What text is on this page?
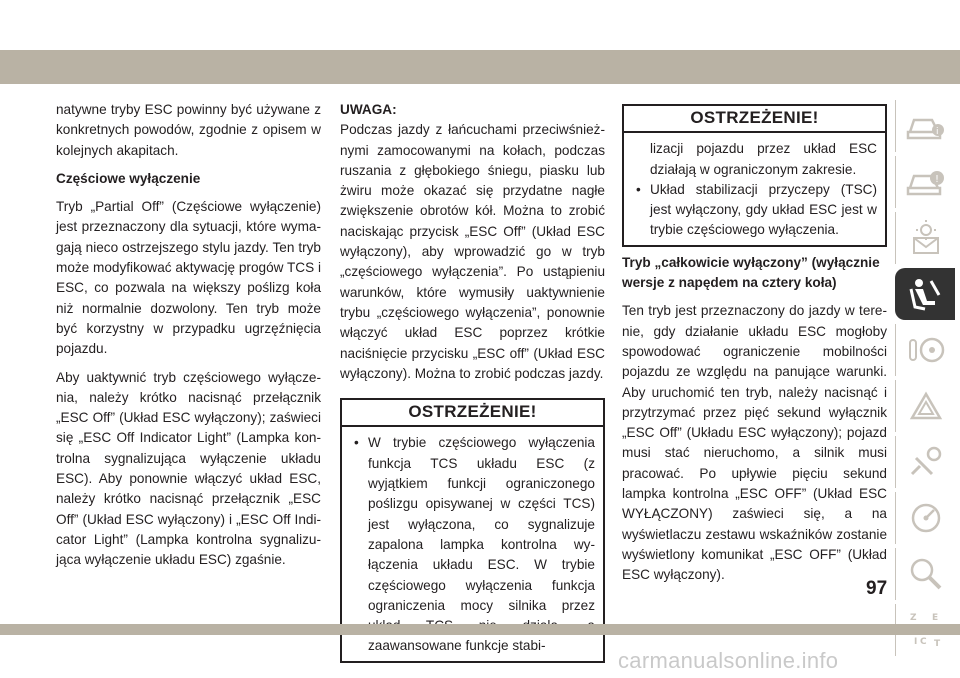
natywne tryby ESC powinny być używane z konkretnych powodów, zgodnie z opisem w kolejnych akapitach.

Częściowe wyłączenie

Tryb „Partial Off” (Częściowe wyłączenie) jest przeznaczony dla sytuacji, które wymagają nieco ostrzejszego stylu jazdy. Ten tryb może modyfikować aktywację progów TCS i ESC, co pozwala na większy poślizg koła niż normalnie dozwolony. Ten tryb może być korzystny w przypadku ugrzęźnięcia pojazdu.

Aby uaktywnić tryb częściowego wyłączenia, należy krótko nacisnąć przełącznik „ESC Off” (Układ ESC wyłączony); zaświeci się „ESC Off Indicator Light” (Lampka kontrolna sygnalizująca wyłączenie układu ESC). Aby ponownie włączyć układ ESC, należy krótko nacisnąć przełącznik „ESC Off” (Układ ESC wyłączony) i „ESC Off Indicator Light” (Lampka kontrolna sygnalizująca wyłączenie układu ESC) zgaśnie.

UWAGA:

Podczas jazdy z łańcuchami przeciwśnieżnymi zamocowanymi na kołach, podczas ruszania z głębokiego śniegu, piasku lub żwiru może okazać się przydatne nagłe zwiększenie obrotów kół. Można to zrobić naciskając przycisk „ESC Off” (Układ ESC wyłączony), aby wprowadzić go w tryb „częściowego wyłączenia”. Po ustąpieniu warunków, które wymusiły uaktywnienie trybu „częściowego wyłączenia”, ponownie włączyć układ ESC poprzez krótkie naciśnięcie przycisku „ESC off” (Układ ESC wyłączony). Można to zrobić podczas jazdy.

OSTRZEŻENIE!

• W trybie częściowego wyłączenia funkcja TCS układu ESC (z wyjątkiem funkcji ograniczonego poślizgu opisywanej w części TCS) jest wyłączona, co sygnalizuje zapalona lampka kontrolna wyłączenia układu ESC. W trybie częściowego wyłączenia funkcja ograniczenia mocy silnika przez zaawansowane funkcje stabi-

OSTRZEŻENIE!

lizacji pojazdu przez układ ESC działają w ograniczonym zakresie.

• Układ stabilizacji przyczepy (TSC) jest wyłączony, gdy układ ESC jest w trybie częściowego wyłączenia.

Tryb „całkowicie wyłączony” (wyłącznie wersje z napędem na cztery koła)

Ten tryb jest przeznaczony do jazdy w terenie, gdy działanie układu ESC mogłoby spowodować ograniczenie mobilności pojazdu ze względu na panujące warunki. Aby uruchomić ten tryb, należy nacisnąć i przytrzymać przez pięć sekund wyłącznik „ESC Off” (Układu ESC wyłączony); pojazd musi stać nieruchomo, a silnik musi pracować. Po upływie pięciu sekund lampka kontrolna „ESC OFF” (Układ ESC WYŁĄCZONY) zaświeci się, a na wyświetlaczu zestawu wskaźników zostanie wyświetlony komunikat „ESC OFF” (Układ ESC wyłączony).

i
!
Z E
I C T
97
carmanualsonline.info
